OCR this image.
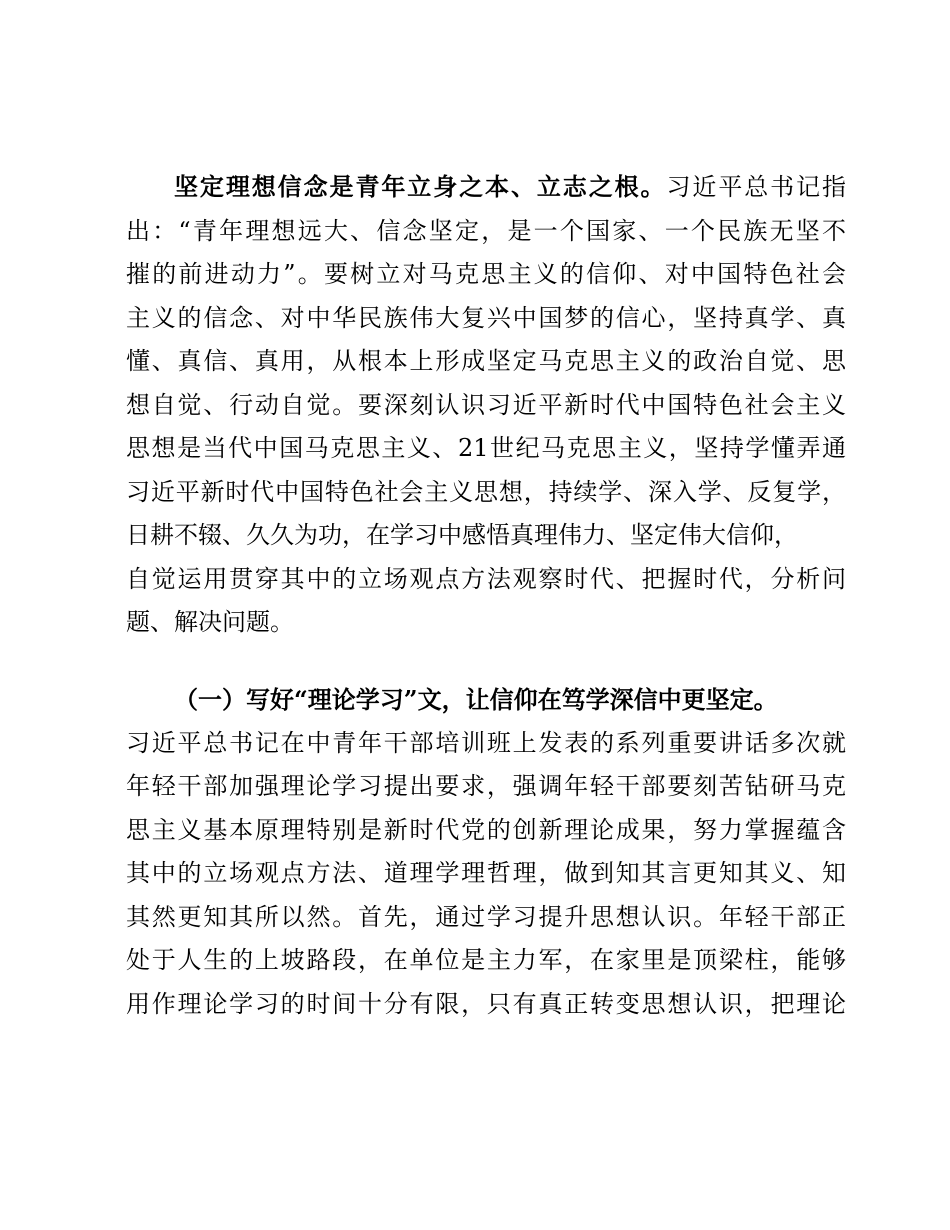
坚定理想信念是青年立身之本、立志之根。习近平总书记指
出：“青年理想远大、信念坚定，是一个国家、一个民族无坚不
摧的前进动力”。要树立对马克思主义的信仰、对中国特色社会
主义的信念、对中华民族伟大复兴中国梦的信心，坚持真学、真
懂、真信、真用，从根本上形成坚定马克思主义的政治自觉、思
想自觉、行动自觉。要深刻认识习近平新时代中国特色社会主义
思想是当代中国马克思主义、21世纪马克思主义，坚持学懂弄通
习近平新时代中国特色社会主义思想，持续学、深入学、反复学，
日耕不辍、久久为功，在学习中感悟真理伟力、坚定伟大信仰，
自觉运用贯穿其中的立场观点方法观察时代、把握时代，分析问
题、解决问题。
（一）写好“理论学习”文，让信仰在笃学深信中更坚定。
习近平总书记在中青年干部培训班上发表的系列重要讲话多次就
年轻干部加强理论学习提出要求，强调年轻干部要刻苦钻研马克
思主义基本原理特别是新时代党的创新理论成果，努力掌握蕴含
其中的立场观点方法、道理学理哲理，做到知其言更知其义、知
其然更知其所以然。首先，通过学习提升思想认识。年轻干部正
处于人生的上坡路段，在单位是主力军，在家里是顶梁柱，能够
用作理论学习的时间十分有限，只有真正转变思想认识，把理论
